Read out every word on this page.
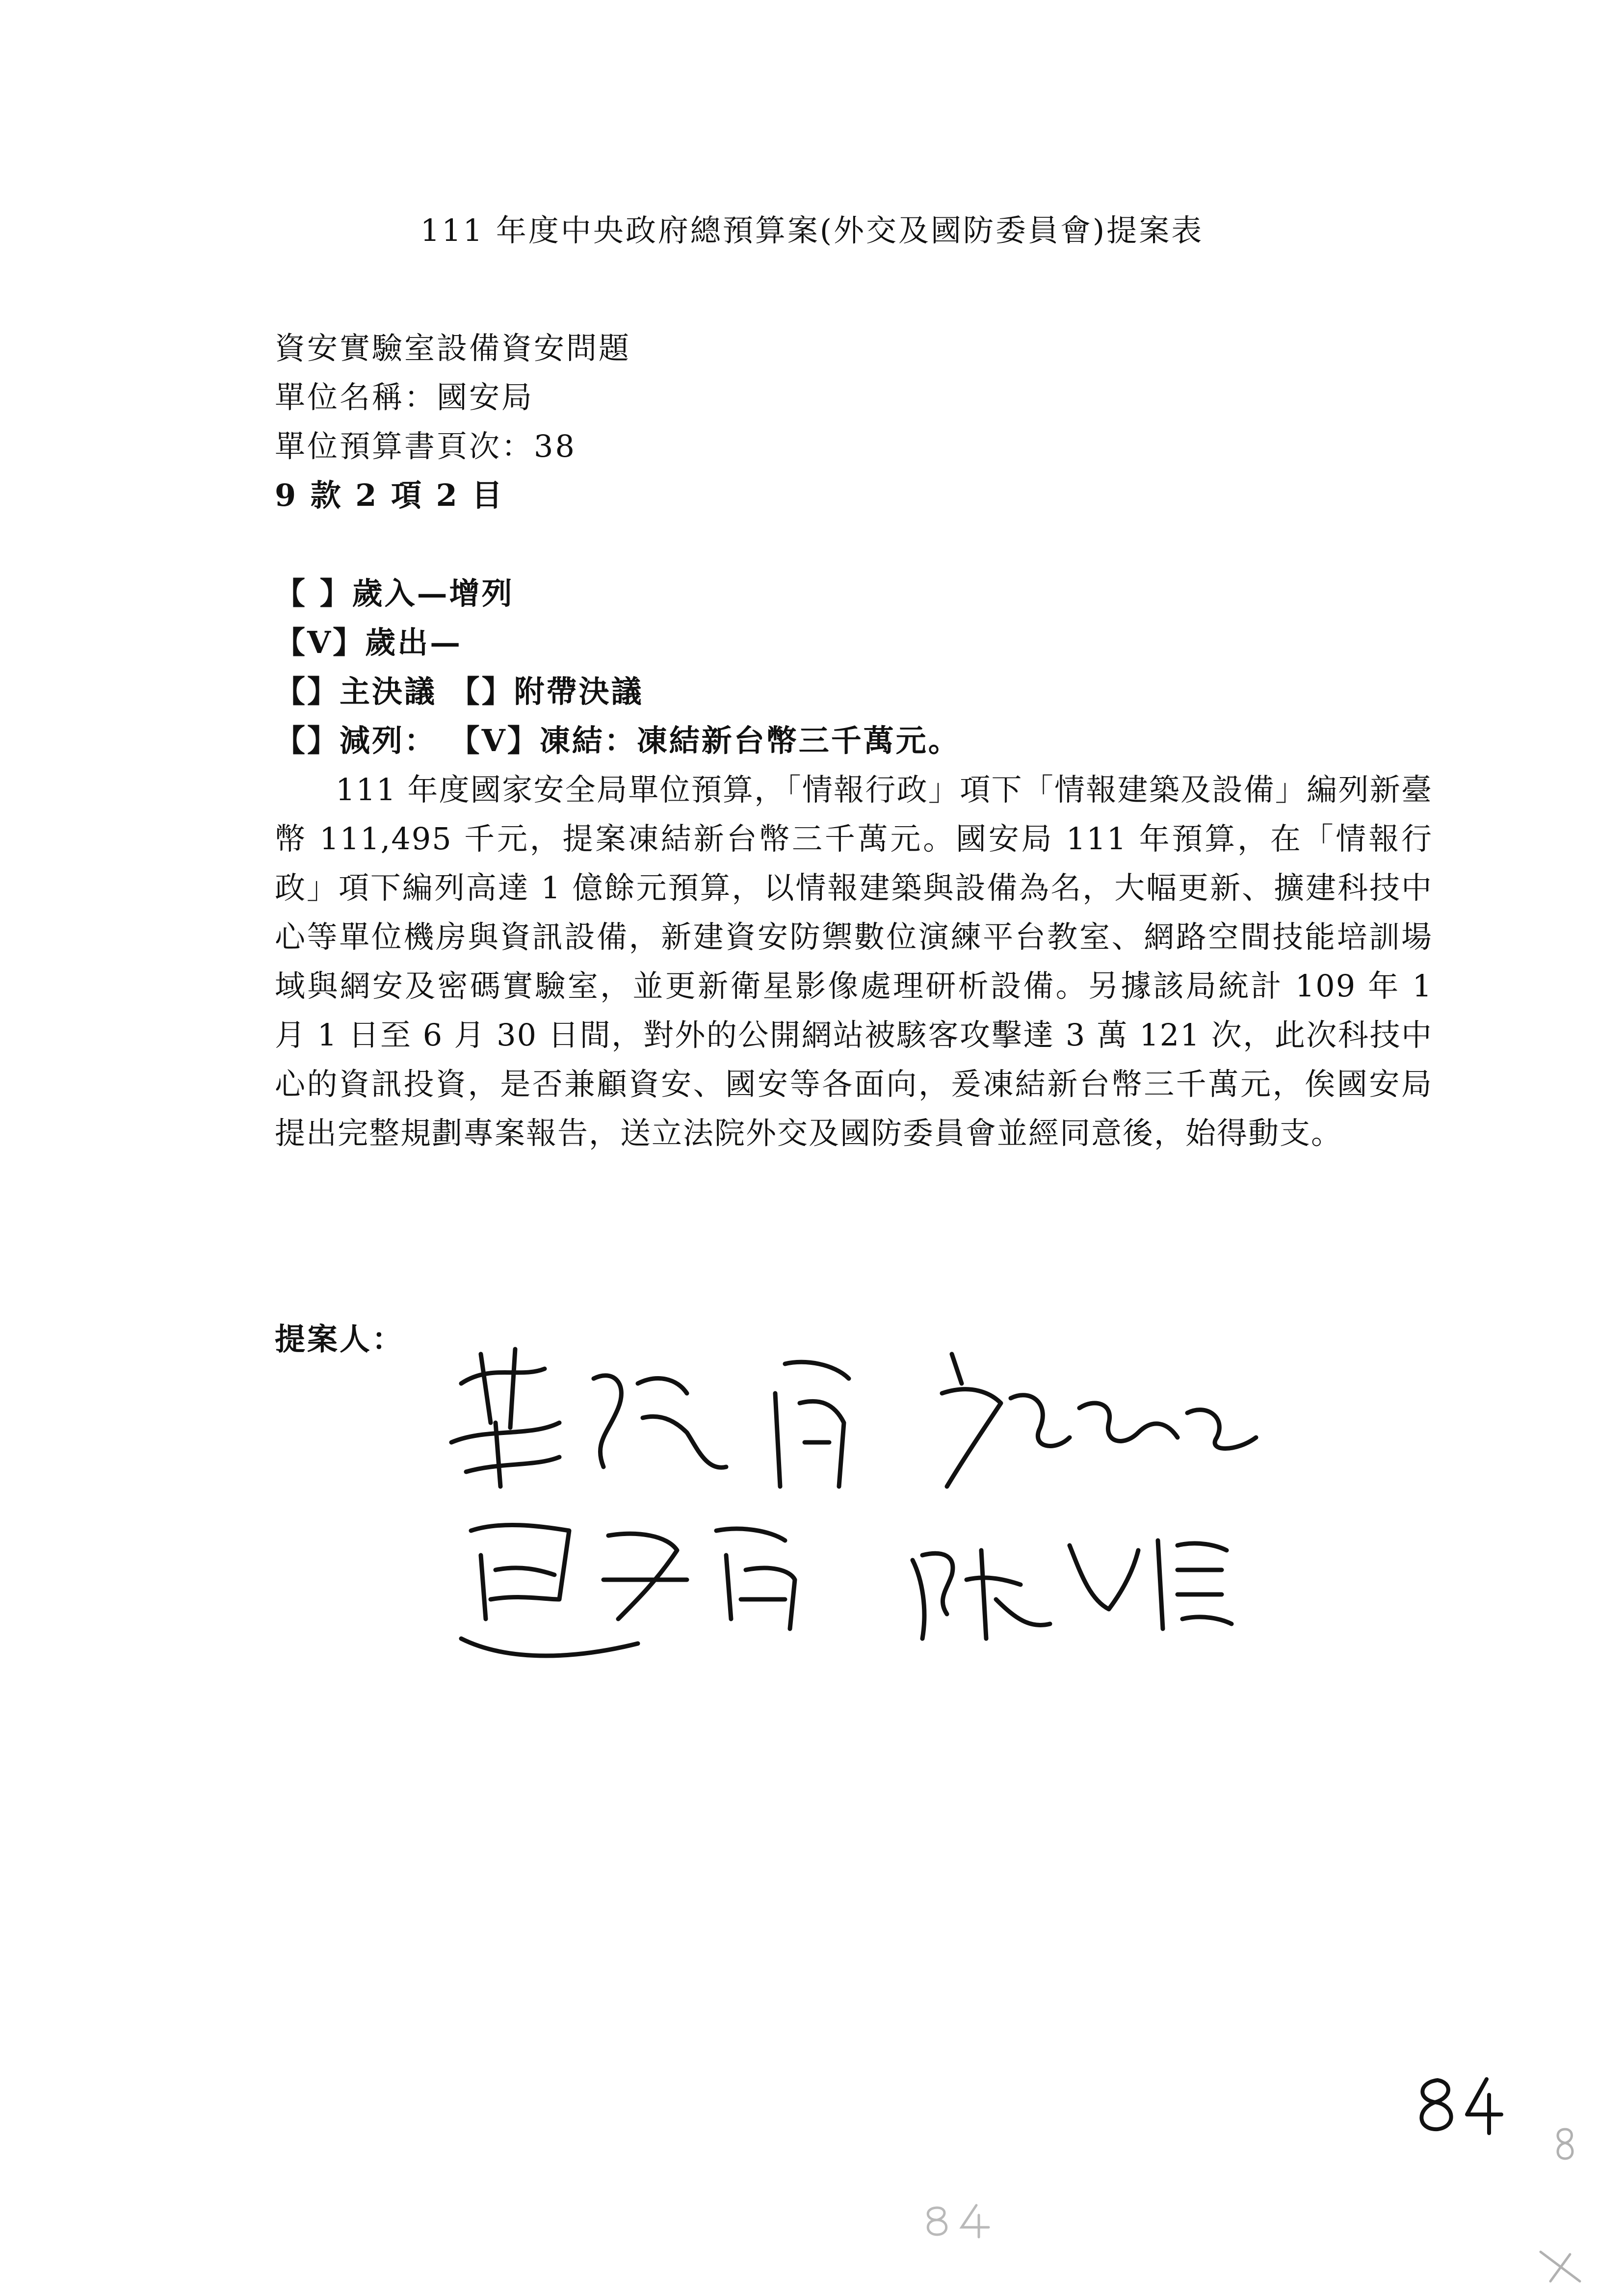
111 年度中央政府總預算案(外交及國防委員會)提案表
資安實驗室設備資安問題
單位名稱：國安局
單位預算書頁次：38
9 款 2 項 2 目
【 】歲入—增列
【V】歲出—
【】主決議 【】附帶決議
【】減列： 【V】凍結：凍結新台幣三千萬元。
111 年度國家安全局單位預算，「情報行政」項下「情報建築及設備」編列新臺幣 111,495 千元，提案凍結新台幣三千萬元。國安局 111 年預算，在「情報行政」項下編列高達 1 億餘元預算，以情報建築與設備為名，大幅更新、擴建科技中心等單位機房與資訊設備，新建資安防禦數位演練平台教室、網路空間技能培訓場域與網安及密碼實驗室，並更新衛星影像處理研析設備。另據該局統計 109 年 1 月 1 日至 6 月 30 日間，對外的公開網站被駭客攻擊達 3 萬 121 次，此次科技中心的資訊投資，是否兼顧資安、國安等各面向，爰凍結新台幣三千萬元，俟國安局提出完整規劃專案報告，送立法院外交及國防委員會並經同意後，始得動支。
提案人：
